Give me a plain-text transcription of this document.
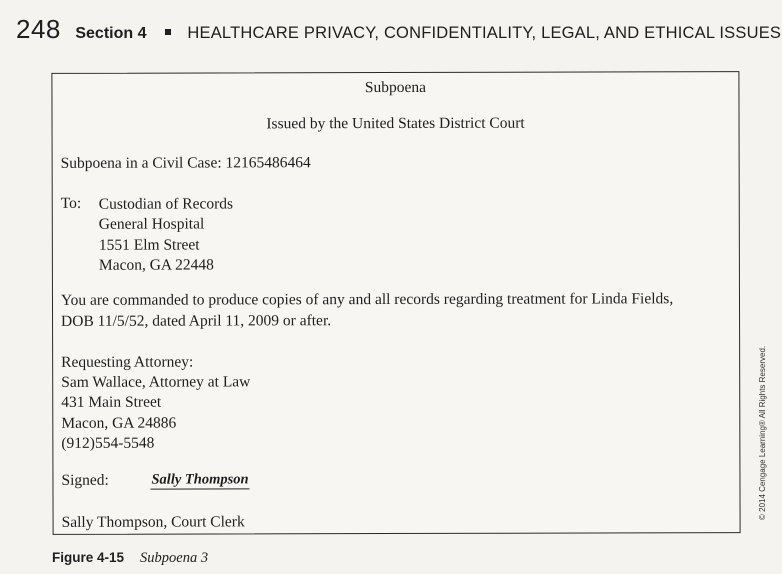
248 Section 4 HEALTHCARE PRIVACY, CONFIDENTIALITY, LEGAL, AND ETHICAL ISSUES
Subpoena
Issued by the United States District Court
Subpoena in a Civil Case: 12165486464
To: Custodian of Records
General Hospital
1551 Elm Street
Macon, GA 22448
You are commanded to produce copies of any and all records regarding treatment for Linda Fields,
DOB 11/5/52, dated April 11, 2009 or after.
Requesting Attorney:
Sam Wallace, Attorney at Law
431 Main Street
Macon, GA 24886
(912)554-5548
Signed:	Sally Thompson
Sally Thompson, Court Clerk
© 2014 Cengage Learning® All Rights Reserved.
Figure 4-15 Subpoena 3
